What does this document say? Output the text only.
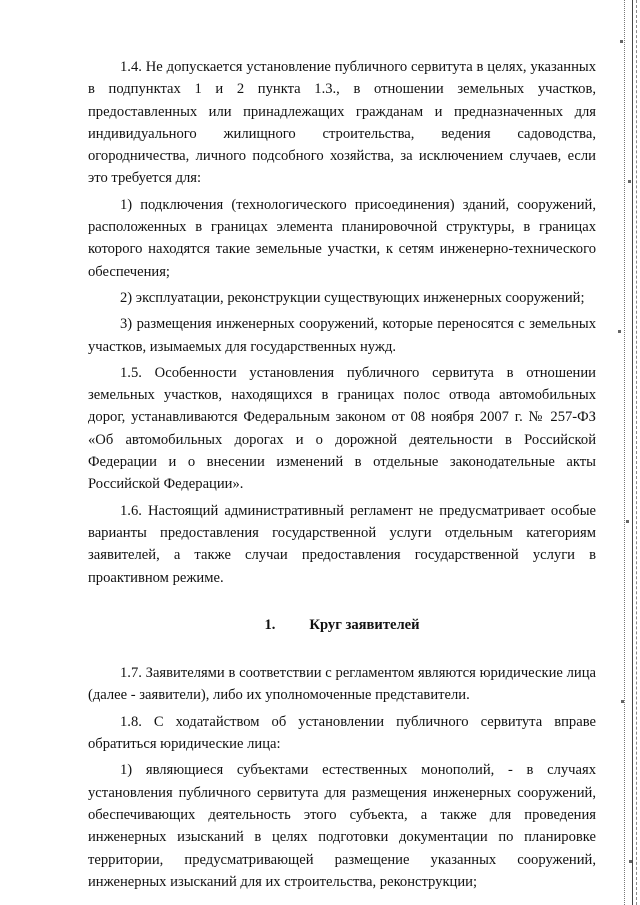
1.4. Не допускается установление публичного сервитута в целях, указанных в подпунктах 1 и 2 пункта 1.3., в отношении земельных участков, предоставленных или принадлежащих гражданам и предназначенных для индивидуального жилищного строительства, ведения садоводства, огородничества, личного подсобного хозяйства, за исключением случаев, если это требуется для:

1) подключения (технологического присоединения) зданий, сооружений, расположенных в границах элемента планировочной структуры, в границах которого находятся такие земельные участки, к сетям инженерно-технического обеспечения;

2) эксплуатации, реконструкции существующих инженерных сооружений;

3) размещения инженерных сооружений, которые переносятся с земельных участков, изымаемых для государственных нужд.

1.5. Особенности установления публичного сервитута в отношении земельных участков, находящихся в границах полос отвода автомобильных дорог, устанавливаются Федеральным законом от 08 ноября 2007 г. № 257-ФЗ «Об автомобильных дорогах и о дорожной деятельности в Российской Федерации и о внесении изменений в отдельные законодательные акты Российской Федерации».

1.6. Настоящий административный регламент не предусматривает особые варианты предоставления государственной услуги отдельным категориям заявителей, а также случаи предоставления государственной услуги в проактивном режиме.

1. Круг заявителей

1.7. Заявителями в соответствии с регламентом являются юридические лица (далее - заявители), либо их уполномоченные представители.

1.8. С ходатайством об установлении публичного сервитута вправе обратиться юридические лица:

1) являющиеся субъектами естественных монополий, - в случаях установления публичного сервитута для размещения инженерных сооружений, обеспечивающих деятельность этого субъекта, а также для проведения инженерных изысканий в целях подготовки документации по планировке территории, предусматривающей размещение указанных сооружений, инженерных изысканий для их строительства, реконструкции;
